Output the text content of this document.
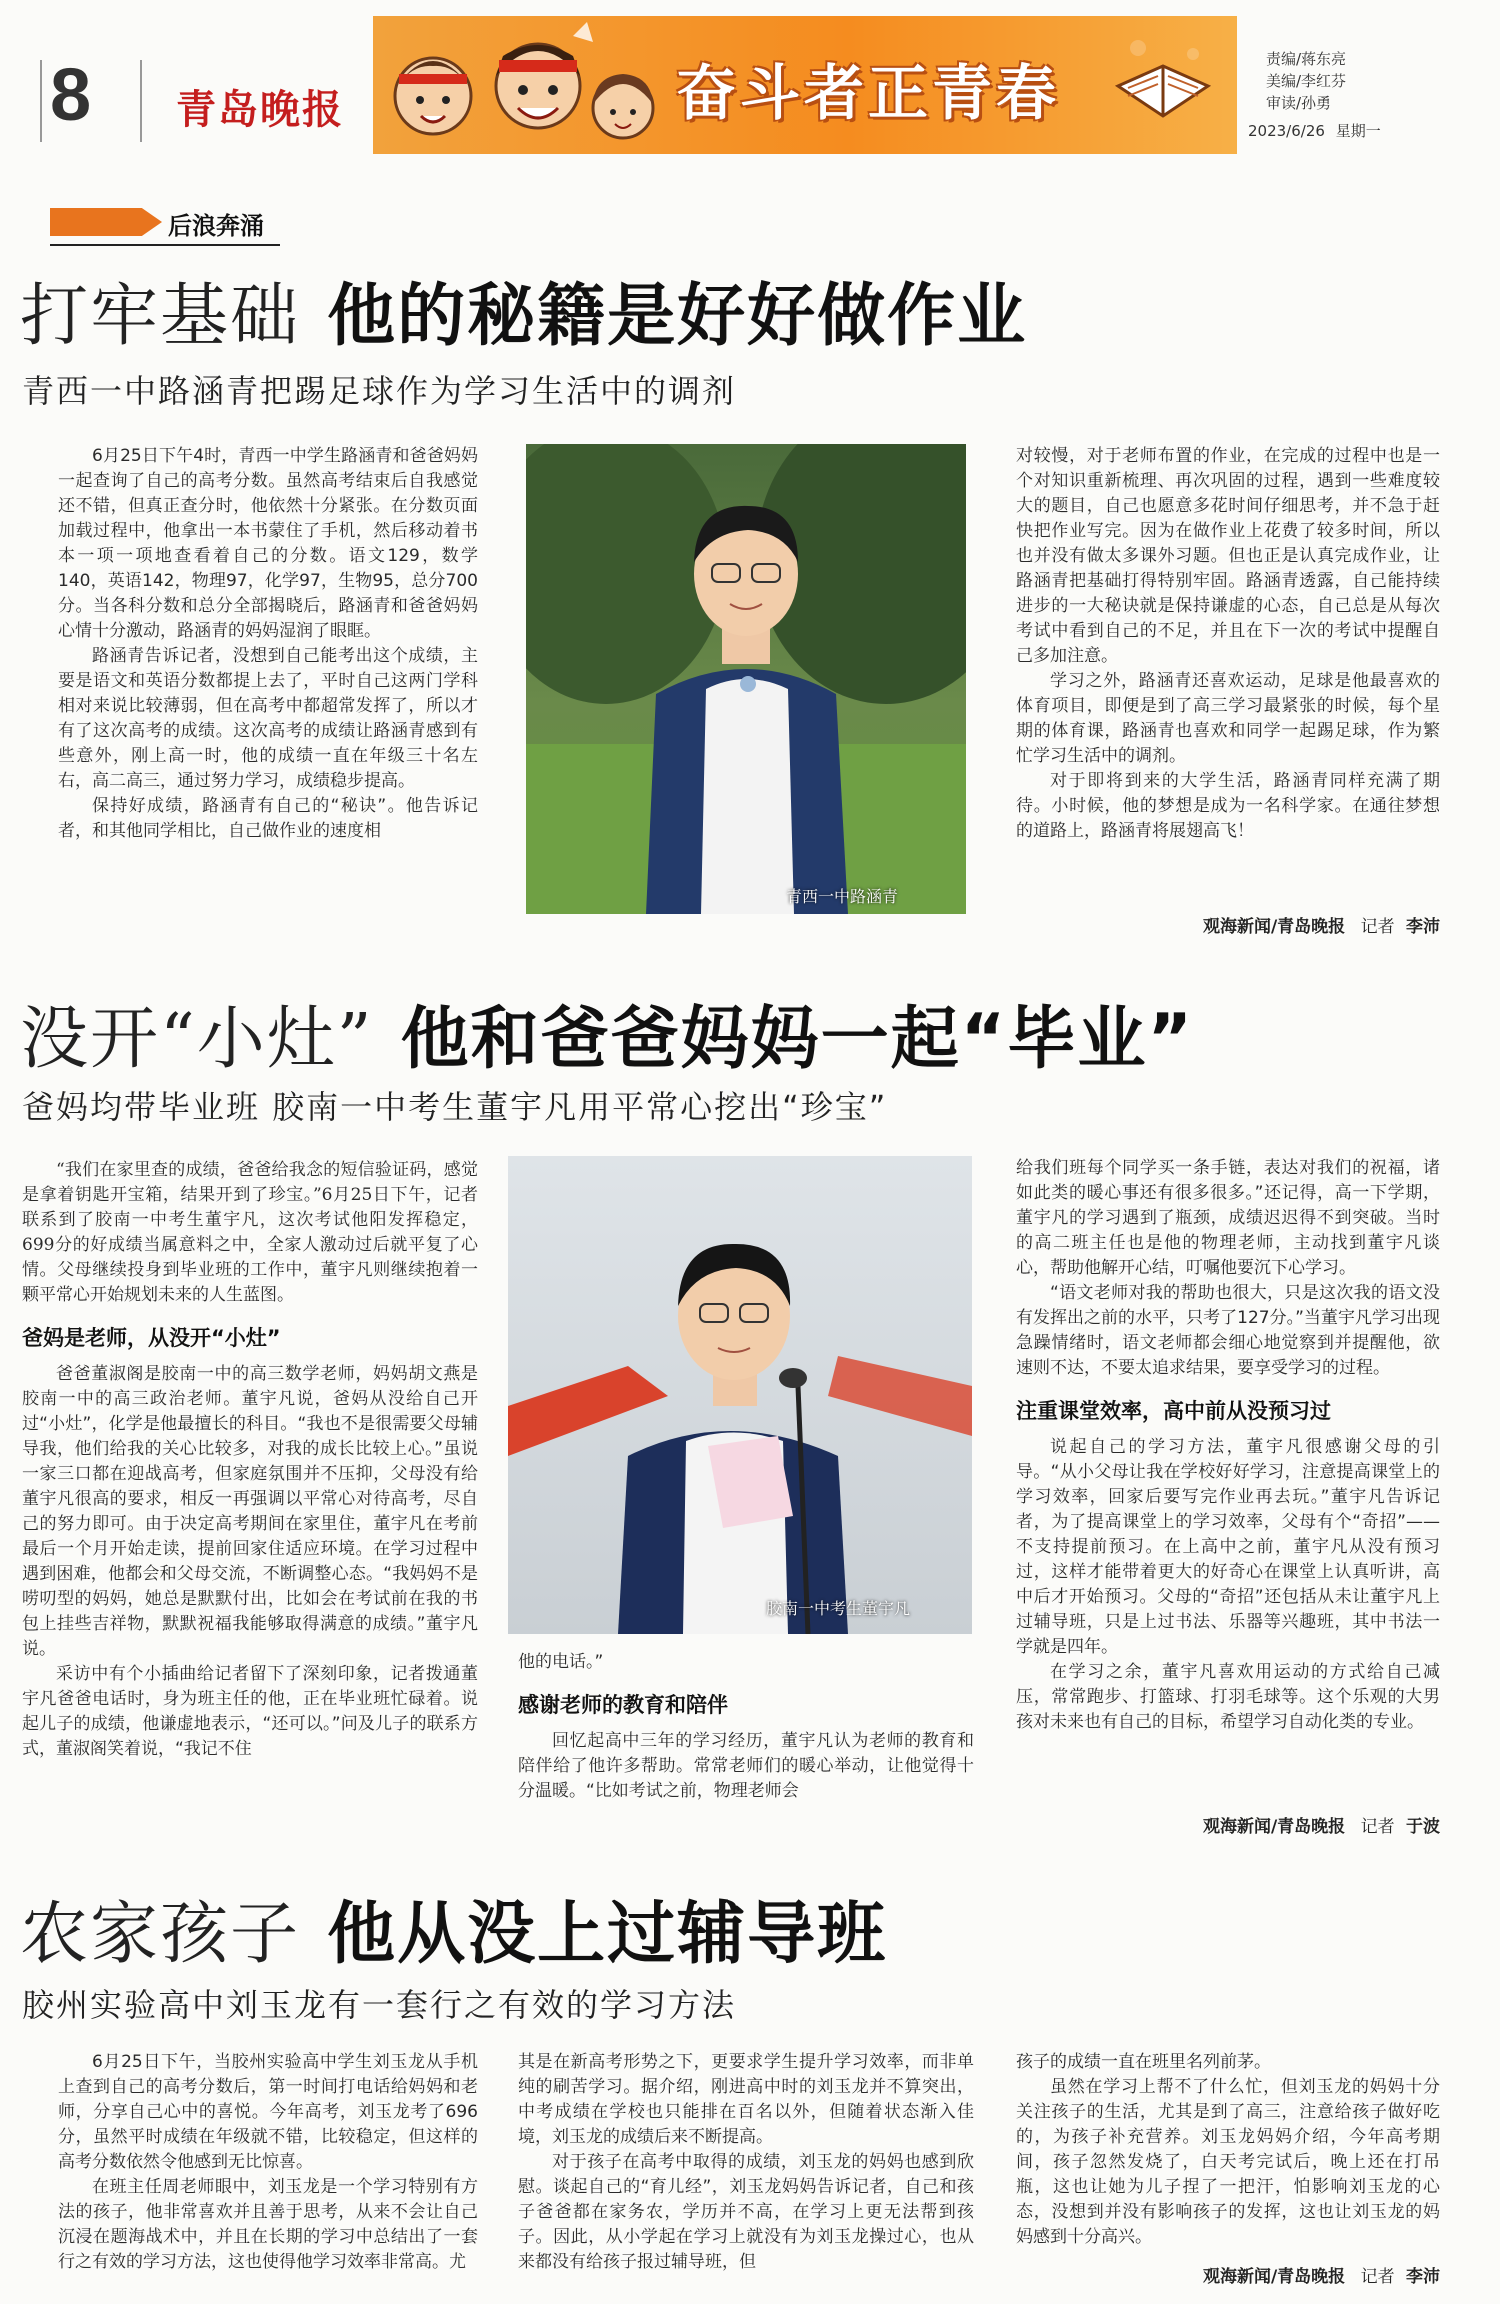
8 青岛晚报	奋斗者正青春	责编/蒋东亮
美编/李红芬
审读/孙勇
2023/6/26 星期一
后浪奔涌
打牢基础 他的秘籍是好好做作业
青西一中路涵青把踢足球作为学习生活中的调剂

6月25日下午4时，青西一中学生路涵青和爸爸妈妈一起查询了自己的高考分数。虽然高考结束后自我感觉还不错，但真正查分时，他依然十分紧张。在分数页面加载过程中，他拿出一本书蒙住了手机，然后移动着书本一项一项地查看着自己的分数。语文129，数学140，英语142，物理97，化学97，生物95，总分700分。当各科分数和总分全部揭晓后，路涵青和爸爸妈妈心情十分激动，路涵青的妈妈湿润了眼眶。

路涵青告诉记者，没想到自己能考出这个成绩，主要是语文和英语分数都提上去了，平时自己这两门学科相对来说比较薄弱，但在高考中都超常发挥了，所以才有了这次高考的成绩。这次高考的成绩让路涵青感到有些意外，刚上高一时，他的成绩一直在年级三十名左右，高二高三，通过努力学习，成绩稳步提高。

保持好成绩，路涵青有自己的“秘诀”。他告诉记者，和其他同学相比，自己做作业的速度相

青西一中路涵青

对较慢，对于老师布置的作业，在完成的过程中也是一个对知识重新梳理、再次巩固的过程，遇到一些难度较大的题目，自己也愿意多花时间仔细思考，并不急于赶快把作业写完。因为在做作业上花费了较多时间，所以也并没有做太多课外习题。但也正是认真完成作业，让路涵青把基础打得特别牢固。路涵青透露，自己能持续进步的一大秘诀就是保持谦虚的心态，自己总是从每次考试中看到自己的不足，并且在下一次的考试中提醒自己多加注意。

学习之外，路涵青还喜欢运动，足球是他最喜欢的体育项目，即便是到了高三学习最紧张的时候，每个星期的体育课，路涵青也喜欢和同学一起踢足球，作为繁忙学习生活中的调剂。

对于即将到来的大学生活，路涵青同样充满了期待。小时候，他的梦想是成为一名科学家。在通往梦想的道路上，路涵青将展翅高飞！

观海新闻/青岛晚报 记者 李沛
没开“小灶” 他和爸爸妈妈一起“毕业”
爸妈均带毕业班 胶南一中考生董宇凡用平常心挖出“珍宝”

“我们在家里查的成绩，爸爸给我念的短信验证码，感觉是拿着钥匙开宝箱，结果开到了珍宝。”6月25日下午，记者联系到了胶南一中考生董宇凡，这次考试他阳发挥稳定，699分的好成绩当属意料之中，全家人激动过后就平复了心情。父母继续投身到毕业班的工作中，董宇凡则继续抱着一颗平常心开始规划未来的人生蓝图。

爸妈是老师，从没开“小灶”

爸爸董淑阁是胶南一中的高三数学老师，妈妈胡文燕是胶南一中的高三政治老师。董宇凡说，爸妈从没给自己开过“小灶”，化学是他最擅长的科目。“我也不是很需要父母辅导我，他们给我的关心比较多，对我的成长比较上心。”虽说一家三口都在迎战高考，但家庭氛围并不压抑，父母没有给董宇凡很高的要求，相反一再强调以平常心对待高考，尽自己的努力即可。由于决定高考期间在家里住，董宇凡在考前最后一个月开始走读，提前回家住适应环境。在学习过程中遇到困难，他都会和父母交流，不断调整心态。“我妈妈不是唠叨型的妈妈，她总是默默付出，比如会在考试前在我的书包上挂些吉祥物，默默祝福我能够取得满意的成绩。”董宇凡说。

采访中有个小插曲给记者留下了深刻印象，记者拨通董宇凡爸爸电话时，身为班主任的他，正在毕业班忙碌着。说起儿子的成绩，他谦虚地表示，“还可以。”问及儿子的联系方式，董淑阁笑着说，“我记不住

胶南一中考生董宇凡

他的电话。”

感谢老师的教育和陪伴

回忆起高中三年的学习经历，董宇凡认为老师的教育和陪伴给了他许多帮助。常常老师们的暖心举动，让他觉得十分温暖。“比如考试之前，物理老师会

给我们班每个同学买一条手链，表达对我们的祝福，诸如此类的暖心事还有很多很多。”还记得，高一下学期，董宇凡的学习遇到了瓶颈，成绩迟迟得不到突破。当时的高二班主任也是他的物理老师，主动找到董宇凡谈心，帮助他解开心结，叮嘱他要沉下心学习。

“语文老师对我的帮助也很大，只是这次我的语文没有发挥出之前的水平，只考了127分。”当董宇凡学习出现急躁情绪时，语文老师都会细心地觉察到并提醒他，欲速则不达，不要太追求结果，要享受学习的过程。

注重课堂效率，高中前从没预习过

说起自己的学习方法，董宇凡很感谢父母的引导。“从小父母让我在学校好好学习，注意提高课堂上的学习效率，回家后要写完作业再去玩。”董宇凡告诉记者，为了提高课堂上的学习效率，父母有个“奇招”——不支持提前预习。在上高中之前，董宇凡从没有预习过，这样才能带着更大的好奇心在课堂上认真听讲，高中后才开始预习。父母的“奇招”还包括从未让董宇凡上过辅导班，只是上过书法、乐器等兴趣班，其中书法一学就是四年。

在学习之余，董宇凡喜欢用运动的方式给自己减压，常常跑步、打篮球、打羽毛球等。这个乐观的大男孩对未来也有自己的目标，希望学习自动化类的专业。

观海新闻/青岛晚报 记者 于波
农家孩子 他从没上过辅导班
胶州实验高中刘玉龙有一套行之有效的学习方法

6月25日下午，当胶州实验高中学生刘玉龙从手机上查到自己的高考分数后，第一时间打电话给妈妈和老师，分享自己心中的喜悦。今年高考，刘玉龙考了696分，虽然平时成绩在年级就不错，比较稳定，但这样的高考分数依然令他感到无比惊喜。

在班主任周老师眼中，刘玉龙是一个学习特别有方法的孩子，他非常喜欢并且善于思考，从来不会让自己沉浸在题海战术中，并且在长期的学习中总结出了一套行之有效的学习方法，这也使得他学习效率非常高。尤

其是在新高考形势之下，更要求学生提升学习效率，而非单纯的刷苦学习。据介绍，刚进高中时的刘玉龙并不算突出，中考成绩在学校也只能排在百名以外，但随着状态渐入佳境，刘玉龙的成绩后来不断提高。

对于孩子在高考中取得的成绩，刘玉龙的妈妈也感到欣慰。谈起自己的“育儿经”，刘玉龙妈妈告诉记者，自己和孩子爸爸都在家务农，学历并不高，在学习上更无法帮到孩子。因此，从小学起在学习上就没有为刘玉龙操过心，也从来都没有给孩子报过辅导班，但

孩子的成绩一直在班里名列前茅。

虽然在学习上帮不了什么忙，但刘玉龙的妈妈十分关注孩子的生活，尤其是到了高三，注意给孩子做好吃的，为孩子补充营养。刘玉龙妈妈介绍，今年高考期间，孩子忽然发烧了，白天考完试后，晚上还在打吊瓶，这也让她为儿子捏了一把汗，怕影响刘玉龙的心态，没想到并没有影响孩子的发挥，这也让刘玉龙的妈妈感到十分高兴。

观海新闻/青岛晚报 记者 李沛
